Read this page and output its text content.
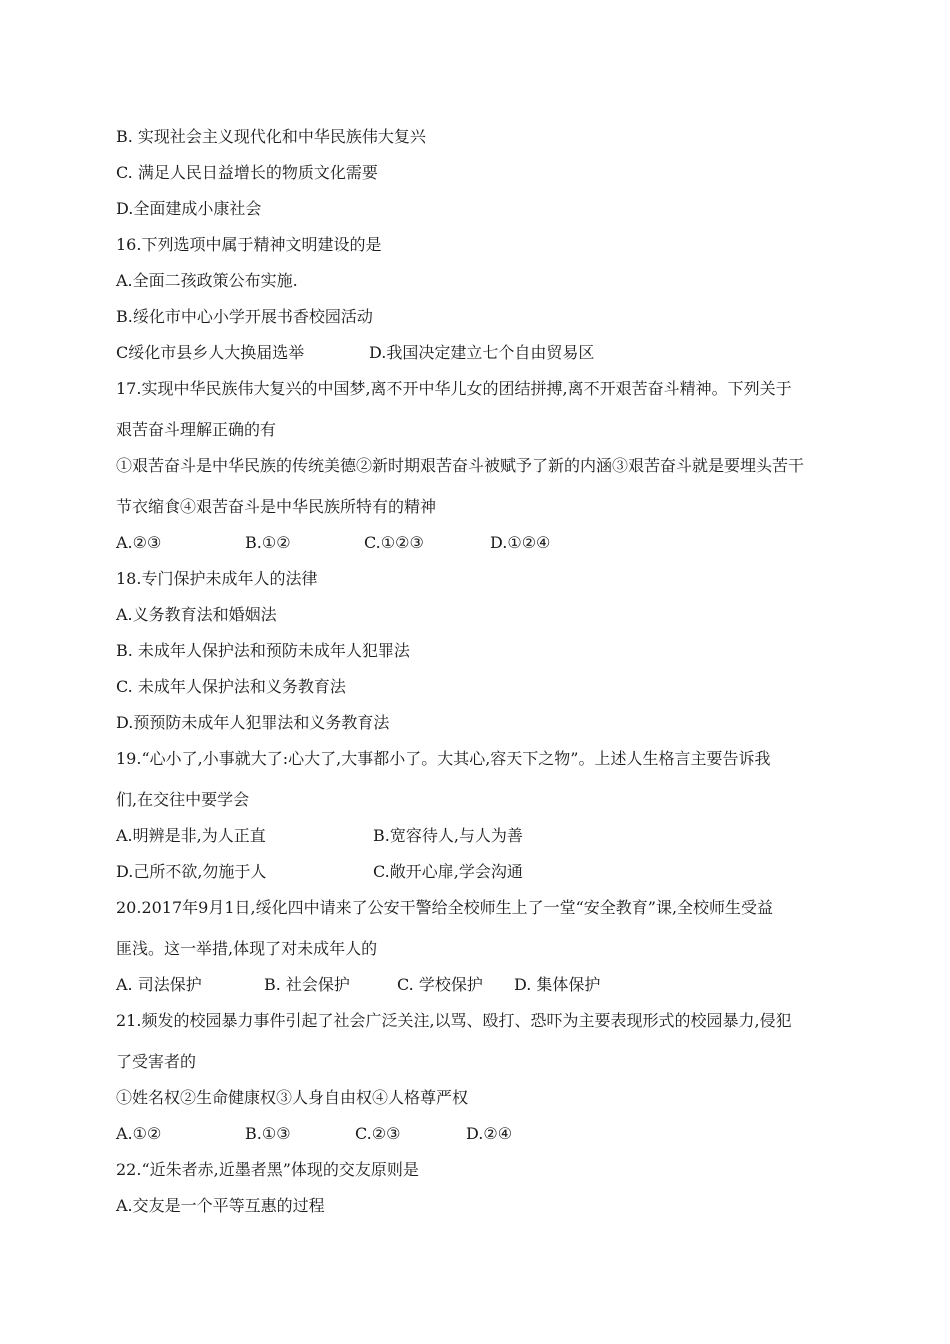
B. 实现社会主义现代化和中华民族伟大复兴
C. 满足人民日益增长的物质文化需要
D.全面建成小康社会
16.下列选项中属于精神文明建设的是
A.全面二孩政策公布实施.
B.绥化市中心小学开展书香校园活动
C绥化市县乡人大换届选举	D.我国决定建立七个自由贸易区
17.实现中华民族伟大复兴的中国梦,离不开中华儿女的团结拼搏,离不开艰苦奋斗精神。下列关于
艰苦奋斗理解正确的有
①艰苦奋斗是中华民族的传统美德②新时期艰苦奋斗被赋予了新的内涵③艰苦奋斗就是要埋头苦干
节衣缩食④艰苦奋斗是中华民族所特有的精神
A.②③	B.①②	C.①②③	D.①②④
18.专门保护未成年人的法律
A.义务教育法和婚姻法
B. 未成年人保护法和预防未成年人犯罪法
C. 未成年人保护法和义务教育法
D.预预防未成年人犯罪法和义务教育法
19.“心小了,小事就大了:心大了,大事都小了。大其心,容天下之物”。上述人生格言主要告诉我
们,在交往中要学会
A.明辨是非,为人正直	B.宽容待人,与人为善
D.己所不欲,勿施于人	C.敞开心扉,学会沟通
20.2017年9月1日,绥化四中请来了公安干警给全校师生上了一堂“安全教育”课,全校师生受益
匪浅。这一举措,体现了对未成年人的
A. 司法保护	B. 社会保护	C. 学校保护 D. 集体保护
21.频发的校园暴力事件引起了社会广泛关注,以骂、殴打、恐吓为主要表现形式的校园暴力,侵犯
了受害者的
①姓名权②生命健康权③人身自由权④人格尊严权
A.①②	B.①③	C.②③	D.②④
22.“近朱者赤,近墨者黑”体现的交友原则是
A.交友是一个平等互惠的过程
